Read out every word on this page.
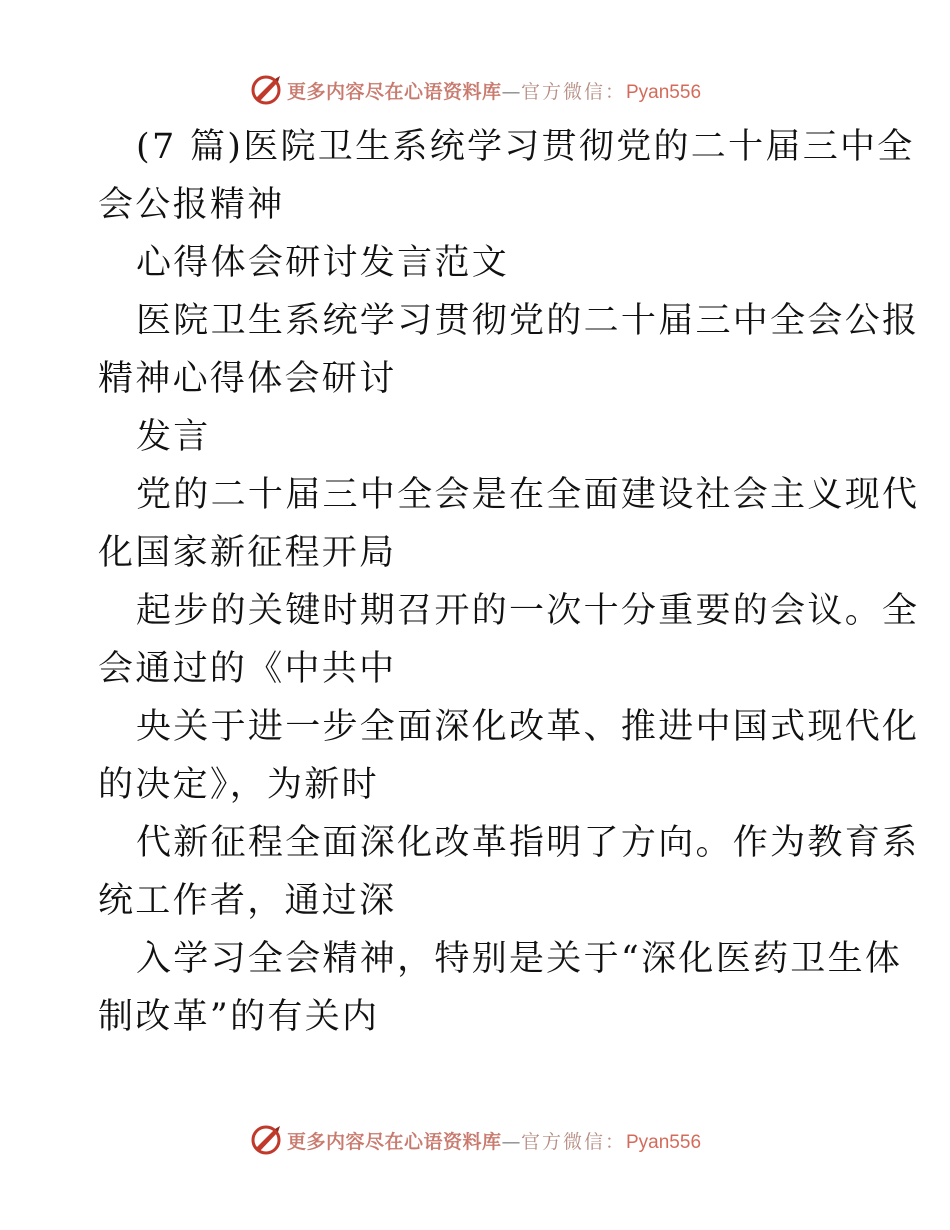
更多内容尽在心语资料库—官方微信：Pyan556
(7 篇)医院卫生系统学习贯彻党的二十届三中全
会公报精神
心得体会研讨发言范文
医院卫生系统学习贯彻党的二十届三中全会公报
精神心得体会研讨
发言
党的二十届三中全会是在全面建设社会主义现代
化国家新征程开局
起步的关键时期召开的一次十分重要的会议。全
会通过的《中共中
央关于进一步全面深化改革、推进中国式现代化
的决定》，为新时
代新征程全面深化改革指明了方向。作为教育系
统工作者，通过深
入学习全会精神，特别是关于“深化医药卫生体
制改革”的有关内
更多内容尽在心语资料库—官方微信：Pyan556
